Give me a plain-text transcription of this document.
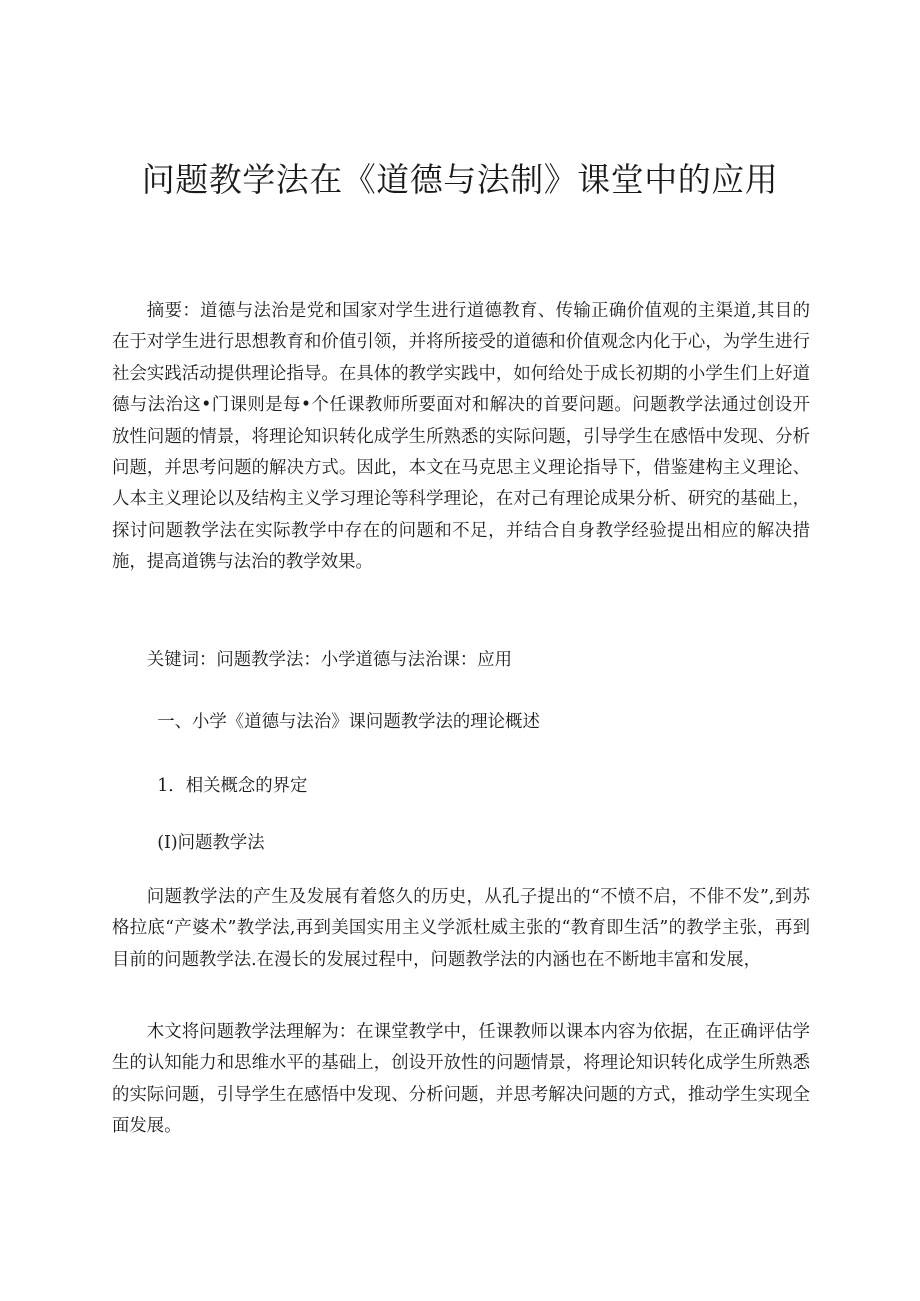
问题教学法在《道德与法制》课堂中的应用

摘要：道德与法治是党和国家对学生进行道德教育、传输正确价值观的主渠道,其目的在于对学生进行思想教育和价值引领，并将所接受的道德和价值观念内化于心，为学生进行社会实践活动提供理论指导。在具体的教学实践中，如何给处于成长初期的小学生们上好道德与法治这•门课则是每•个任课教师所要面对和解决的首要问题。问题教学法通过创设开放性问题的情景，将理论知识转化成学生所熟悉的实际问题，引导学生在感悟中发现、分析问题，并思考问题的解决方式。因此，本文在马克思主义理论指导下，借鉴建构主义理论、人本主义理论以及结构主义学习理论等科学理论，在对己有理论成果分析、研究的基础上，探讨问题教学法在实际教学中存在的问题和不足，并结合自身教学经验提出相应的解决措施，提高道镌与法治的教学效果。

关键词：问题教学法：小学道德与法治课：应用

一、小学《道德与法治》课问题教学法的理论概述

1．相关概念的界定

(I)问题教学法

问题教学法的产生及发展有着悠久的历史，从孔子提出的“不愤不启，不俳不发”,到苏格拉底“产婆术”教学法,再到美国实用主义学派杜威主张的“教育即生活”的教学主张，再到目前的问题教学法.在漫长的发展过程中，问题教学法的内涵也在不断地丰富和发展，

木文将问题教学法理解为：在课堂教学中，任课教师以课本内容为依据，在正确评估学生的认知能力和思维水平的基础上，创设开放性的问题情景，将理论知识转化成学生所熟悉的实际问题，引导学生在感悟中发现、分析问题，并思考解决问题的方式，推动学生实现全面发展。
